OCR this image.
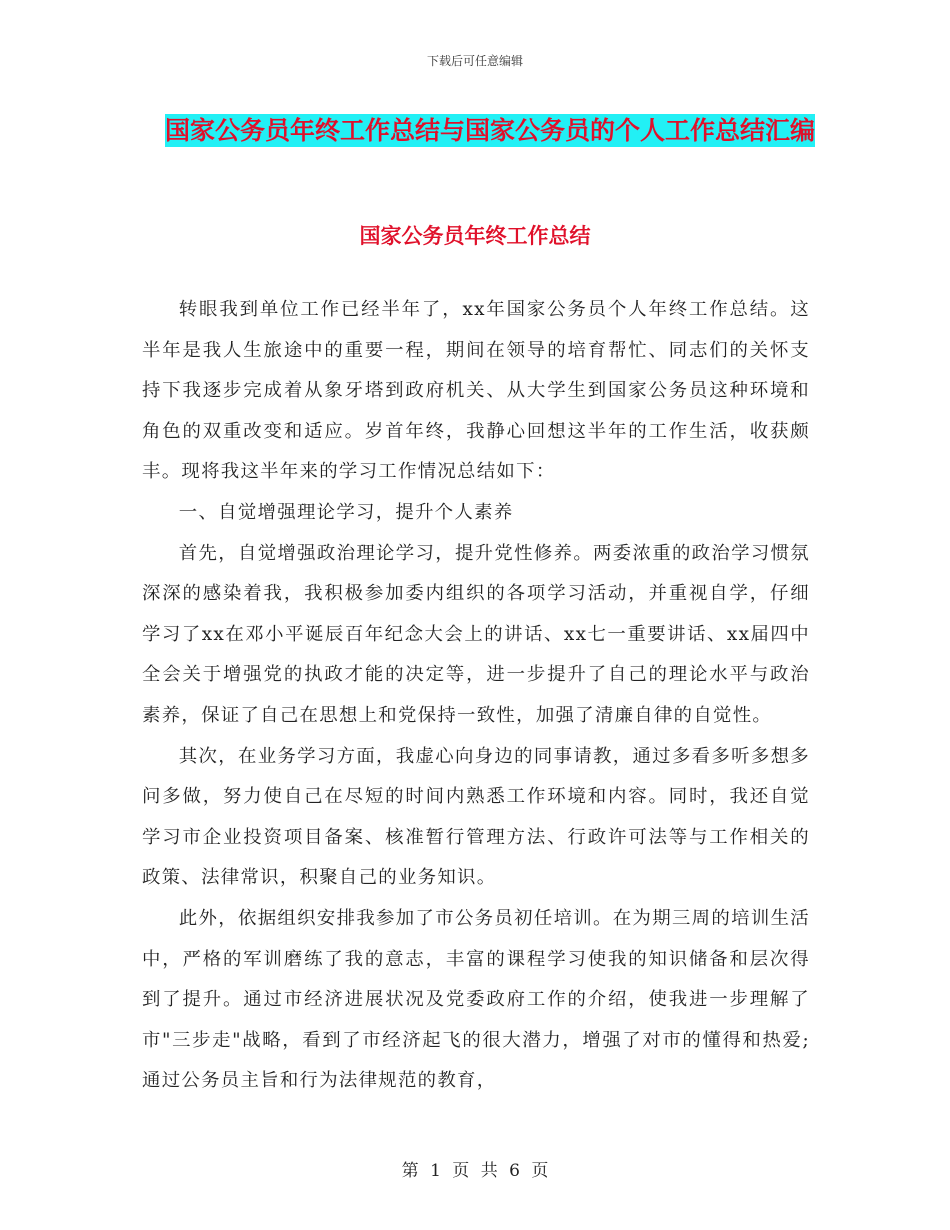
下载后可任意编辑
国家公务员年终工作总结与国家公务员的个人工作总结汇编
国家公务员年终工作总结

转眼我到单位工作已经半年了，xx年国家公务员个人年终工作总结。这半年是我人生旅途中的重要一程，期间在领导的培育帮忙、同志们的关怀支持下我逐步完成着从象牙塔到政府机关、从大学生到国家公务员这种环境和角色的双重改变和适应。岁首年终，我静心回想这半年的工作生活，收获颇丰。现将我这半年来的学习工作情况总结如下：

一、自觉增强理论学习，提升个人素养

首先，自觉增强政治理论学习，提升党性修养。两委浓重的政治学习惯氛深深的感染着我，我积极参加委内组织的各项学习活动，并重视自学，仔细学习了xx在邓小平诞辰百年纪念大会上的讲话、xx七一重要讲话、xx届四中全会关于增强党的执政才能的决定等，进一步提升了自己的理论水平与政治素养，保证了自己在思想上和党保持一致性，加强了清廉自律的自觉性。

其次，在业务学习方面，我虚心向身边的同事请教，通过多看多听多想多问多做，努力使自己在尽短的时间内熟悉工作环境和内容。同时，我还自觉学习市企业投资项目备案、核准暂行管理方法、行政许可法等与工作相关的政策、法律常识，积聚自己的业务知识。

此外，依据组织安排我参加了市公务员初任培训。在为期三周的培训生活中，严格的军训磨练了我的意志，丰富的课程学习使我的知识储备和层次得到了提升。通过市经济进展状况及党委政府工作的介绍，使我进一步理解了市"三步走"战略，看到了市经济起飞的很大潜力，增强了对市的懂得和热爱;通过公务员主旨和行为法律规范的教育，

第 1 页 共 6 页
